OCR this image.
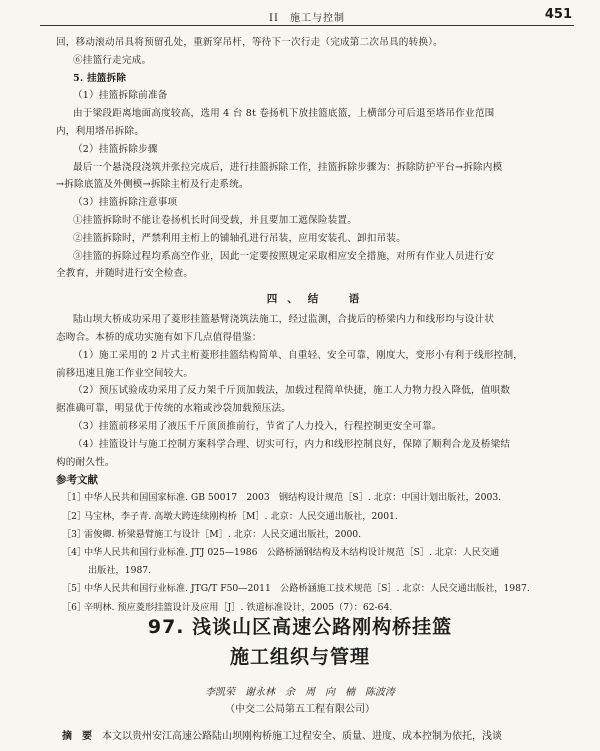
II　施工与控制	451
回，移动滚动吊具将预留孔处，重新穿吊杆，等待下一次行走（完成第二次吊具的转换）。
⑥挂篮行走完成。
5. 挂篮拆除
（1）挂篮拆除前准备
由于梁段距离地面高度较高，选用 4 台 8t 卷扬机下放挂篮底篮，上横部分可后退至塔吊作业范围
内，利用塔吊拆除。
（2）挂篮拆除步骤
最后一个悬浇段浇筑并张拉完成后，进行挂篮拆除工作，挂篮拆除步骤为：拆除防护平台→拆除内模
→拆除底篮及外侧模→拆除主桁及行走系统。
（3）挂篮拆除注意事项
①挂篮拆除时不能让卷扬机长时间受载，并且要加工遮保险装置。
②挂篮拆除时，严禁利用主桁上的铺轴孔进行吊装，应用安装孔、卸扣吊装。
③挂篮的拆除过程均系高空作业，因此一定要按照规定采取相应安全措施，对所有作业人员进行安
全教育，并随时进行安全检查。
四、结　语
陆山坝大桥成功采用了菱形挂篮悬臂浇筑法施工，经过监测，合拢后的桥梁内力和线形均与设计状
态吻合。本桥的成功实施有如下几点值得借鉴：
（1）施工采用的 2 片式主桁菱形挂篮结构简单、自重轻、安全可靠，刚度大，变形小有利于线形控制，
前移迅速且施工作业空间较大。
（2）预压试验成功采用了反力架千斤顶加载法，加载过程简单快捷，施工人力物力投入降低，值唄数
据准确可靠，明显优于传统的水箱或沙袋加载预压法。
（3）挂篮前移采用了液压千斤顶顶推前行，节省了人力投入，行程控制更安全可靠。
（4）挂篮设计与施工控制方案科学合理、切实可行，内力和线形控制良好，保障了顺利合龙及桥梁结
构的耐久性。
参考文献
［1］中华人民共和国国家标准. GB 50017　2003　钢结构设计规范［S］. 北京：中国计划出版社，2003.
［2］马宝林，李子青. 高墩大跨连续刚构桥［M］. 北京：人民交通出版社，2001.
［3］雷俊卿. 桥梁悬臂施工与设计［M］. 北京：人民交通出版社，2000.
［4］中华人民共和国行业标准. JTJ 025—1986　公路桥涵钢结构及木结构设计规范［S］. 北京：人民交通
出版社，1987.
［5］中华人民共和国行业标准. JTG/T F50—2011　公路桥涵施工技术规范［S］. 北京：人民交通出版社，1987.
［6］辛明林. 预应菱形挂篮设计及应用［J］. 铁道标准设计，2005（7）：62-64.
97. 浅谈山区高速公路刚构桥挂篮
施工组织与管理
李凯荣　谢永林　余　周　向　楠　陈波涛
（中交二公局第五工程有限公司）
摘　要 本文以贵州安江高速公路陆山坝刚构桥施工过程安全、质量、进度、成本控制为依托，浅谈
